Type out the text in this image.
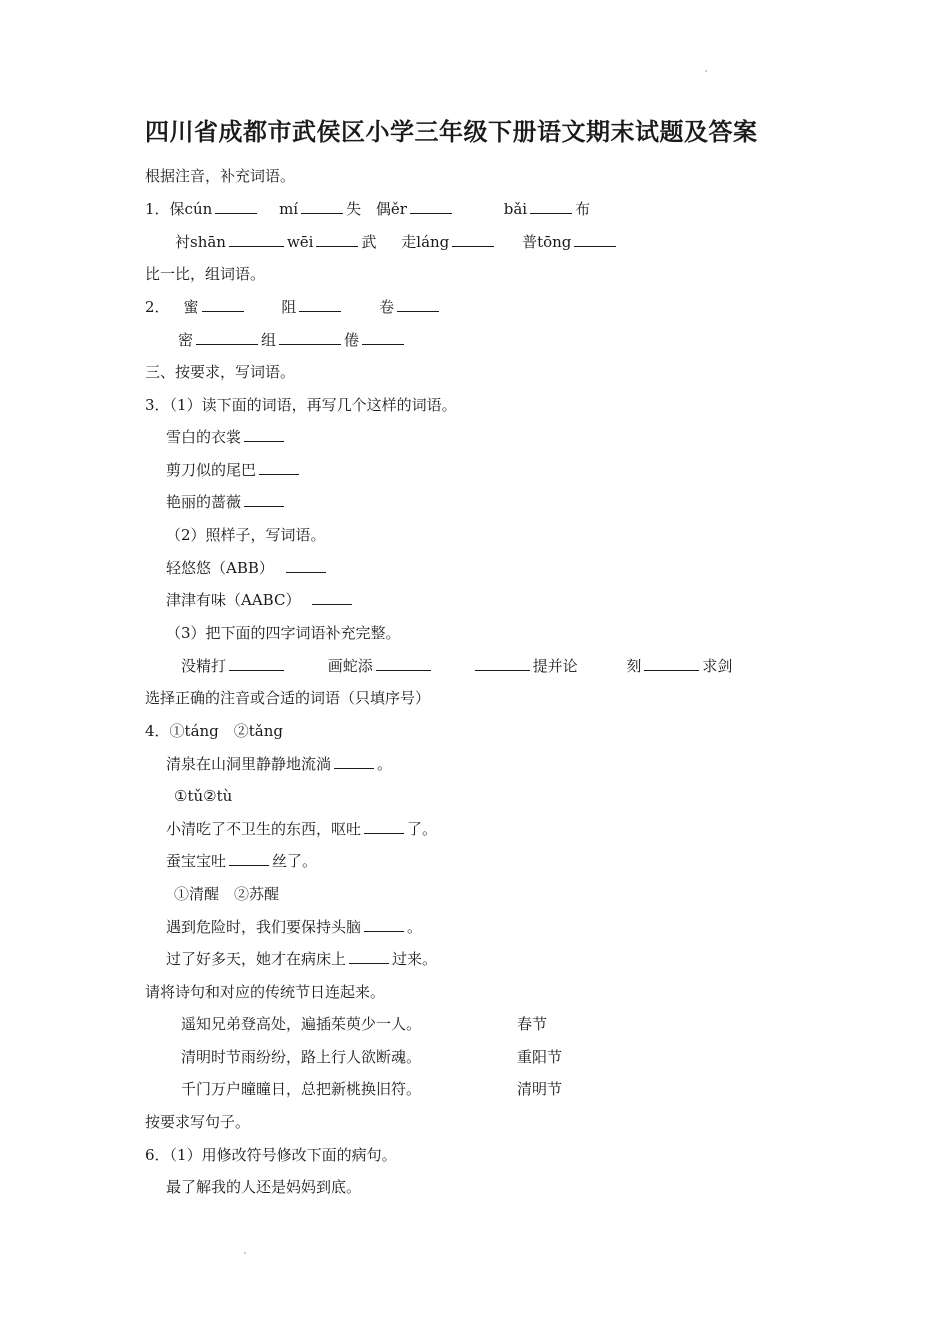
四川省成都市武侯区小学三年级下册语文期末试题及答案
根据注音，补充词语。
1．保cún	mí	失 偶ěr	bǎi	布
衬shān	wēi	武 走láng	普tōng
比一比，组词语。
2． 蜜	阻	卷
密	组	倦
三、按要求，写词语。
3．（1）读下面的词语，再写几个这样的词语。
雪白的衣裳
剪刀似的尾巴
艳丽的蔷薇
（2）照样子，写词语。
轻悠悠（ABB）
津津有味（AABC）
（3）把下面的四字词语补充完整。
没精打	画蛇添	提并论	刻	求剑
选择正确的注音或合适的词语（只填序号）
4．①táng　②tǎng
清泉在山洞里静静地流淌	。
①tǔ②tù
小清吃了不卫生的东西，呕吐	了。
蚕宝宝吐	丝了。
①清醒　②苏醒
遇到危险时，我们要保持头脑	。
过了好多天，她才在病床上	过来。
请将诗句和对应的传统节日连起来。
遥知兄弟登高处，遍插茱萸少一人。	春节
清明时节雨纷纷，路上行人欲断魂。	重阳节
千门万户曈曈日，总把新桃换旧符。	清明节
按要求写句子。
6．（1）用修改符号修改下面的病句。
最了解我的人还是妈妈到底。
